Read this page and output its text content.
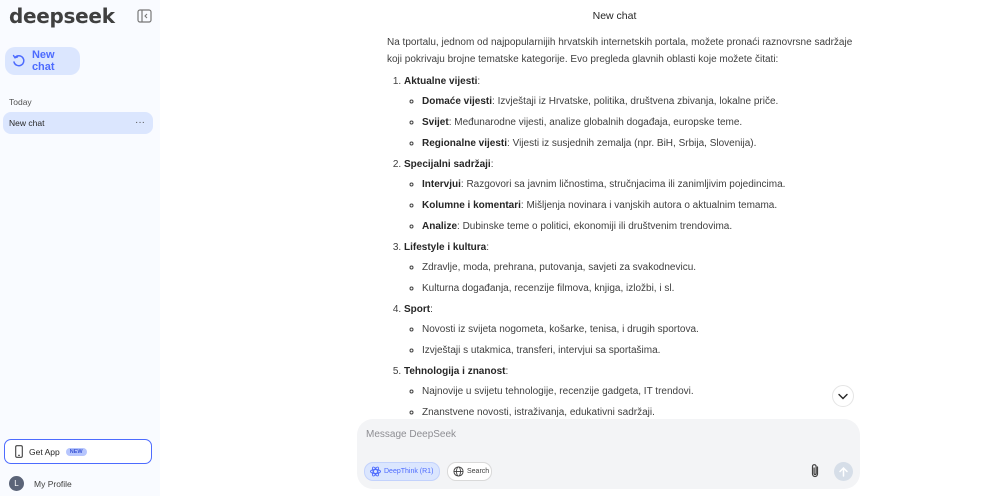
deepseek
New chat
Today
New chat	···
Get App	NEW
L	My Profile
New chat

Na tportalu, jednom od najpopularnijih hrvatskih internetskih portala, možete pronaći raznovrsne sadržaje koji pokrivaju brojne tematske kategorije. Evo pregleda glavnih oblasti koje možete čitati:

1. Aktualne vijesti:
◦ Domaće vijesti: Izvještaji iz Hrvatske, politika, društvena zbivanja, lokalne priče.
◦ Svijet: Međunarodne vijesti, analize globalnih događaja, europske teme.
◦ Regionalne vijesti: Vijesti iz susjednih zemalja (npr. BiH, Srbija, Slovenija).
2. Specijalni sadržaji:
◦ Intervjui: Razgovori sa javnim ličnostima, stručnjacima ili zanimljivim pojedincima.
◦ Kolumne i komentari: Mišljenja novinara i vanjskih autora o aktualnim temama.
◦ Analize: Dubinske teme o politici, ekonomiji ili društvenim trendovima.
3. Lifestyle i kultura:
◦ Zdravlje, moda, prehrana, putovanja, savjeti za svakodnevicu.
◦ Kulturna događanja, recenzije filmova, knjiga, izložbi, i sl.
4. Sport:
◦ Novosti iz svijeta nogometa, košarke, tenisa, i drugih sportova.
◦ Izvještaji s utakmica, transferi, intervjui sa sportašima.
5. Tehnologija i znanost:
◦ Najnovije u svijetu tehnologije, recenzije gadgeta, IT trendovi.
◦ Znanstvene novosti, istraživanja, edukativni sadržaji.
Message DeepSeek
DeepThink (R1)	Search
